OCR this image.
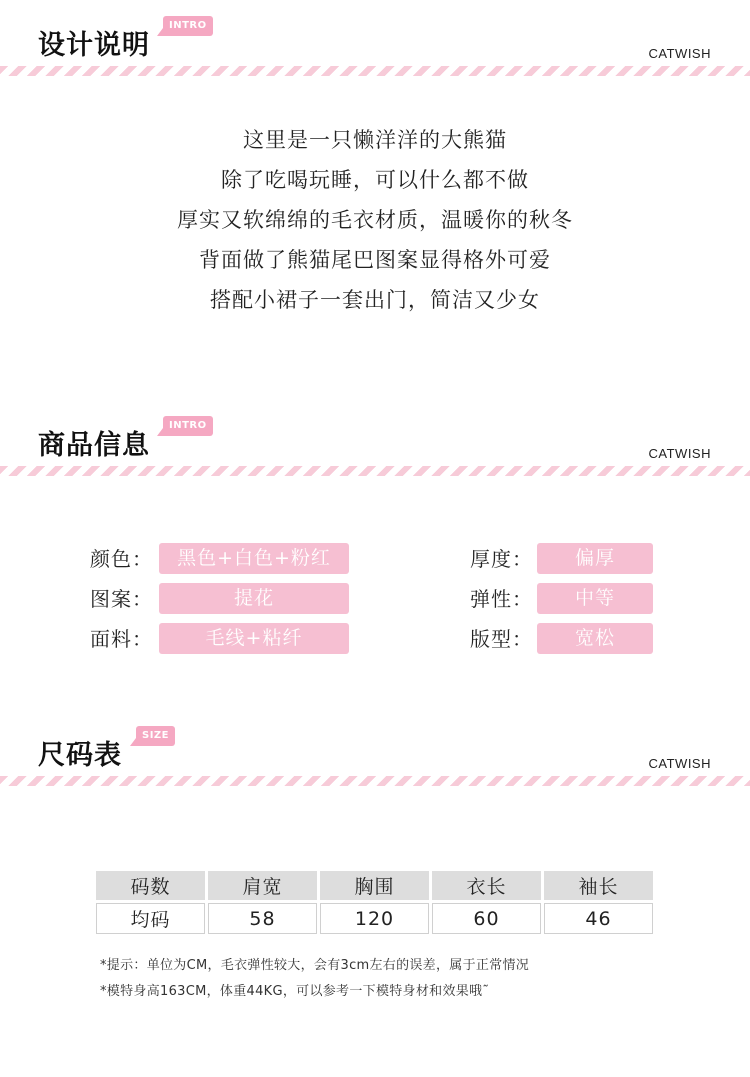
设计说明
INTRO
CATWISH
这里是一只懒洋洋的大熊猫
除了吃喝玩睡，可以什么都不做
厚实又软绵绵的毛衣材质，温暖你的秋冬
背面做了熊猫尾巴图案显得格外可爱
搭配小裙子一套出门，简洁又少女
商品信息
INTRO
CATWISH
颜色：	黑色+白色+粉红
图案：	提花
面料：	毛线+粘纤
厚度：	偏厚
弹性：	中等
版型：	宽松
尺码表
SIZE
CATWISH
码数	肩宽	胸围	衣长	袖长
均码	58	120	60	46
*提示：单位为CM，毛衣弹性较大，会有3cm左右的误差，属于正常情况
*模特身高163CM，体重44KG，可以参考一下模特身材和效果哦˜
